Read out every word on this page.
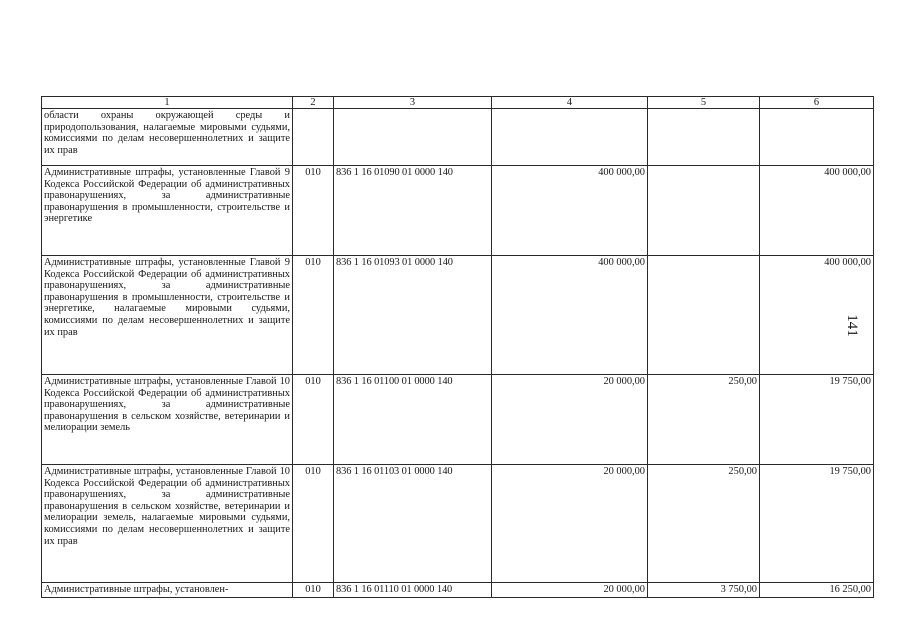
1	2	3	4	5	6
области охраны окружающей среды и природопользования, налагаемые мировыми судьями, комиссиями по делам несовершеннолетних и защите их прав					
Административные штрафы, установленные Главой 9 Кодекса Российской Федерации об административных правонарушениях, за административные правонарушения в промышленности, строительстве и энергетике	010	836 1 16 01090 01 0000 140	400 000,00		400 000,00
Административные штрафы, установленные Главой 9 Кодекса Российской Федерации об административных правонарушениях, за административные правонарушения в промышленности, строительстве и энергетике, налагаемые мировыми судьями, комиссиями по делам несовершеннолетних и защите их прав	010	836 1 16 01093 01 0000 140	400 000,00		400 000,00
Административные штрафы, установленные Главой 10 Кодекса Российской Федерации об административных правонарушениях, за административные правонарушения в сельском хозяйстве, ветеринарии и мелиорации земель	010	836 1 16 01100 01 0000 140	20 000,00	250,00	19 750,00
Административные штрафы, установленные Главой 10 Кодекса Российской Федерации об административных правонарушениях, за административные правонарушения в сельском хозяйстве, ветеринарии и мелиорации земель, налагаемые мировыми судьями, комиссиями по делам несовершеннолетних и защите их прав	010	836 1 16 01103 01 0000 140	20 000,00	250,00	19 750,00
Административные штрафы, установлен-	010	836 1 16 01110 01 0000 140	20 000,00	3 750,00	16 250,00
141
